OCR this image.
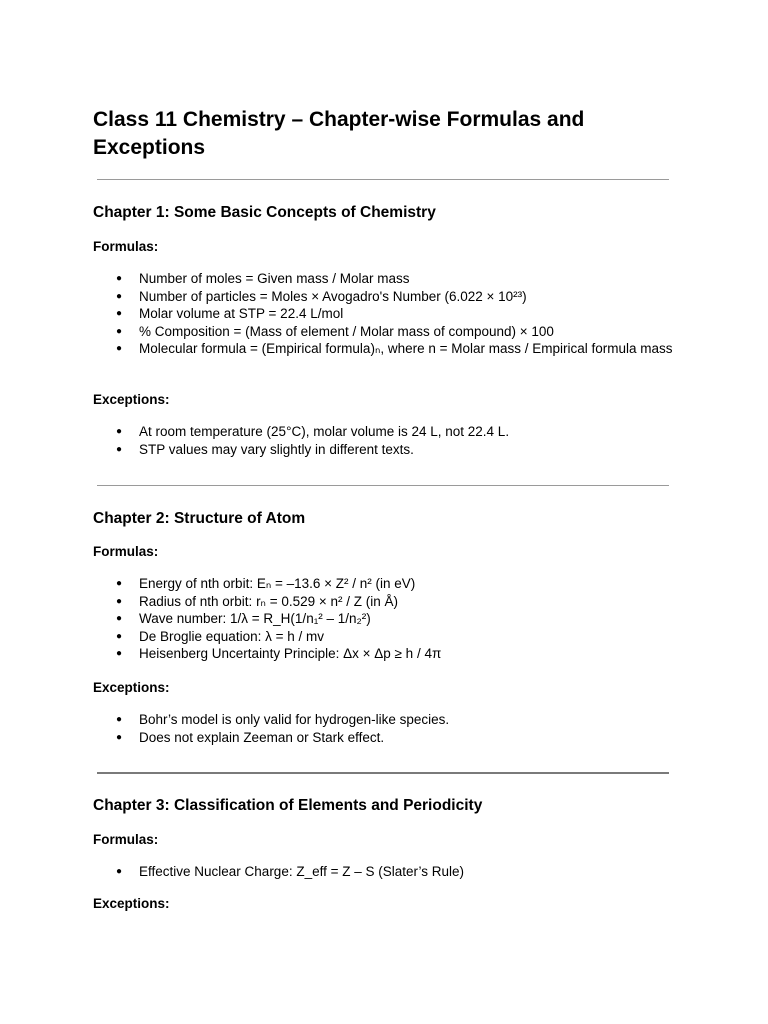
Class 11 Chemistry – Chapter-wise Formulas and Exceptions
Chapter 1: Some Basic Concepts of Chemistry
Formulas:
● Number of moles = Given mass / Molar mass
● Number of particles = Moles × Avogadro's Number (6.022 × 10²³)
● Molar volume at STP = 22.4 L/mol
● % Composition = (Mass of element / Molar mass of compound) × 100
● Molecular formula = (Empirical formula)ₙ, where n = Molar mass / Empirical formula mass
Exceptions:
● At room temperature (25°C), molar volume is 24 L, not 22.4 L.
● STP values may vary slightly in different texts.
Chapter 2: Structure of Atom
Formulas:
● Energy of nth orbit: Eₙ = –13.6 × Z² / n² (in eV)
● Radius of nth orbit: rₙ = 0.529 × n² / Z (in Å)
● Wave number: 1/λ = R_H(1/n₁² – 1/n₂²)
● De Broglie equation: λ = h / mv
● Heisenberg Uncertainty Principle: Δx × Δp ≥ h / 4π
Exceptions:
● Bohr’s model is only valid for hydrogen-like species.
● Does not explain Zeeman or Stark effect.
Chapter 3: Classification of Elements and Periodicity
Formulas:
● Effective Nuclear Charge: Z_eff = Z – S (Slater’s Rule)
Exceptions:
